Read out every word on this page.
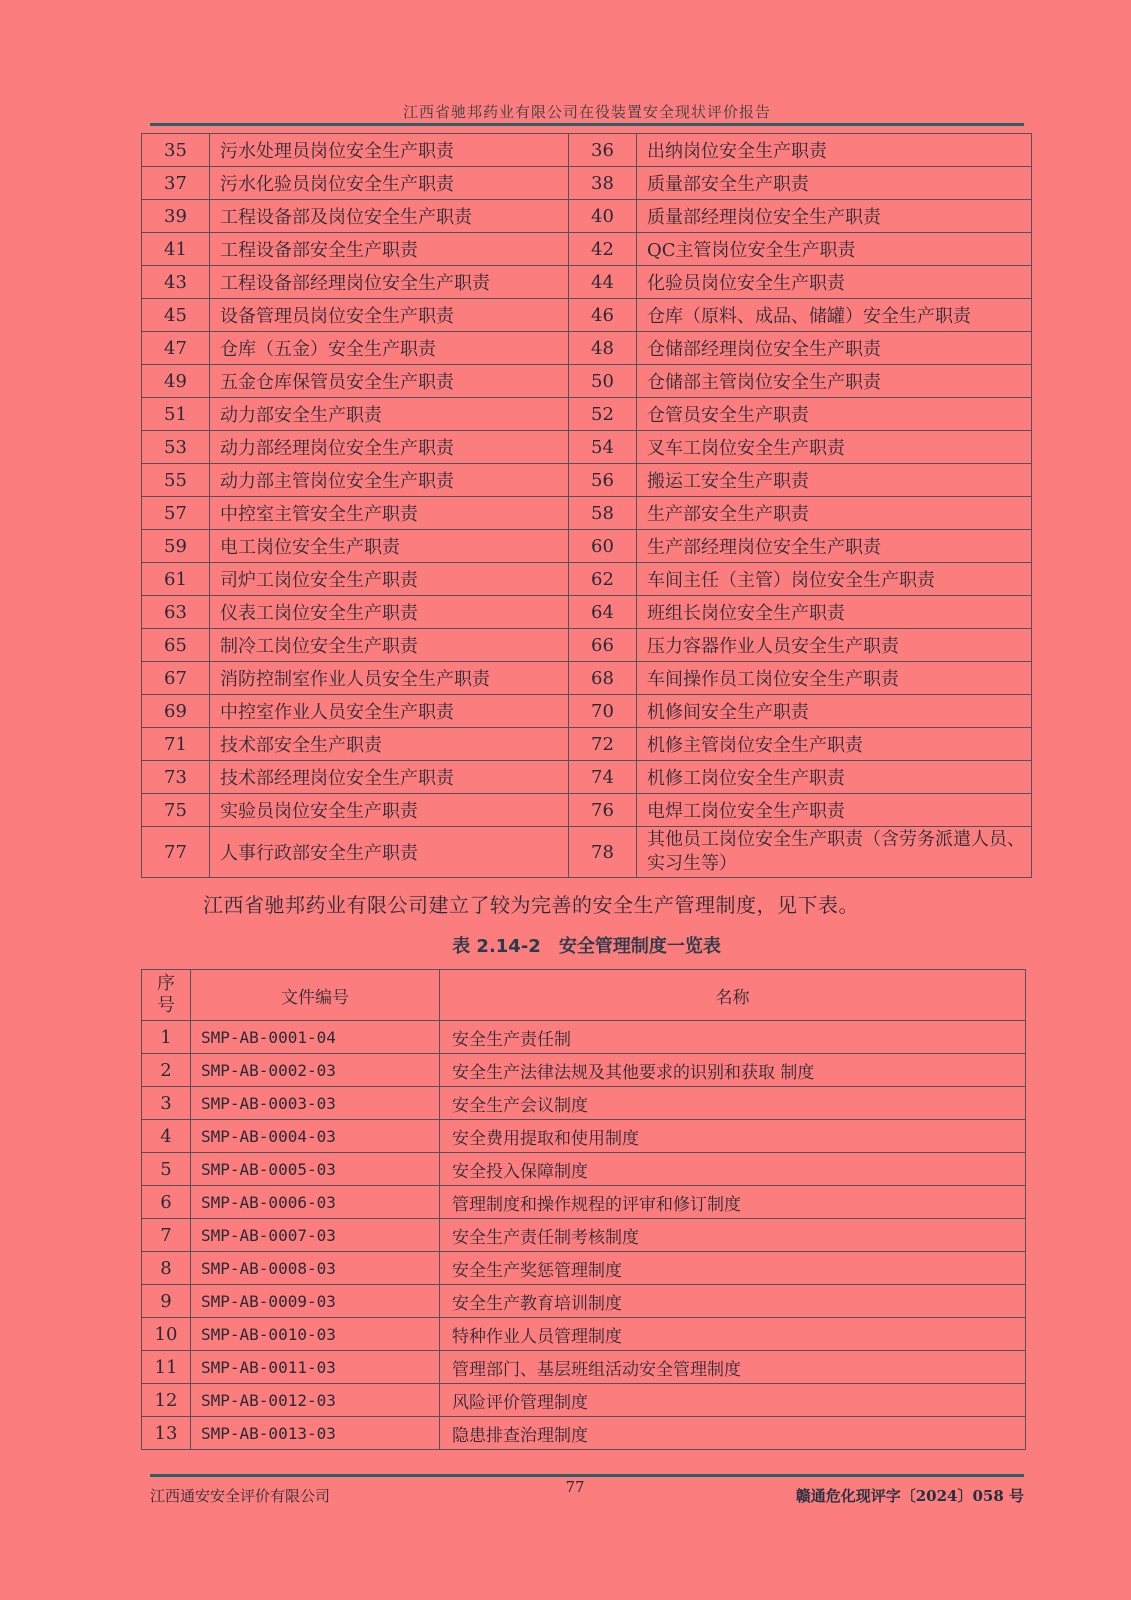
江西省驰邦药业有限公司在役装置安全现状评价报告
35	污水处理员岗位安全生产职责	36	出纳岗位安全生产职责
37	污水化验员岗位安全生产职责	38	质量部安全生产职责
39	工程设备部及岗位安全生产职责	40	质量部经理岗位安全生产职责
41	工程设备部安全生产职责	42	QC主管岗位安全生产职责
43	工程设备部经理岗位安全生产职责	44	化验员岗位安全生产职责
45	设备管理员岗位安全生产职责	46	仓库（原料、成品、储罐）安全生产职责
47	仓库（五金）安全生产职责	48	仓储部经理岗位安全生产职责
49	五金仓库保管员安全生产职责	50	仓储部主管岗位安全生产职责
51	动力部安全生产职责	52	仓管员安全生产职责
53	动力部经理岗位安全生产职责	54	叉车工岗位安全生产职责
55	动力部主管岗位安全生产职责	56	搬运工安全生产职责
57	中控室主管安全生产职责	58	生产部安全生产职责
59	电工岗位安全生产职责	60	生产部经理岗位安全生产职责
61	司炉工岗位安全生产职责	62	车间主任（主管）岗位安全生产职责
63	仪表工岗位安全生产职责	64	班组长岗位安全生产职责
65	制冷工岗位安全生产职责	66	压力容器作业人员安全生产职责
67	消防控制室作业人员安全生产职责	68	车间操作员工岗位安全生产职责
69	中控室作业人员安全生产职责	70	机修间安全生产职责
71	技术部安全生产职责	72	机修主管岗位安全生产职责
73	技术部经理岗位安全生产职责	74	机修工岗位安全生产职责
75	实验员岗位安全生产职责	76	电焊工岗位安全生产职责
77	人事行政部安全生产职责	78	其他员工岗位安全生产职责（含劳务派遣人员、实习生等）
江西省驰邦药业有限公司建立了较为完善的安全生产管理制度，见下表。
表 2.14-2　安全管理制度一览表
序号	文件编号	名称
1	SMP-AB-0001-04	安全生产责任制
2	SMP-AB-0002-03	安全生产法律法规及其他要求的识别和获取 制度
3	SMP-AB-0003-03	安全生产会议制度
4	SMP-AB-0004-03	安全费用提取和使用制度
5	SMP-AB-0005-03	安全投入保障制度
6	SMP-AB-0006-03	管理制度和操作规程的评审和修订制度
7	SMP-AB-0007-03	安全生产责任制考核制度
8	SMP-AB-0008-03	安全生产奖惩管理制度
9	SMP-AB-0009-03	安全生产教育培训制度
10	SMP-AB-0010-03	特种作业人员管理制度
11	SMP-AB-0011-03	管理部门、基层班组活动安全管理制度
12	SMP-AB-0012-03	风险评价管理制度
13	SMP-AB-0013-03	隐患排查治理制度
江西通安安全评价有限公司	77	赣通危化现评字〔2024〕058 号
